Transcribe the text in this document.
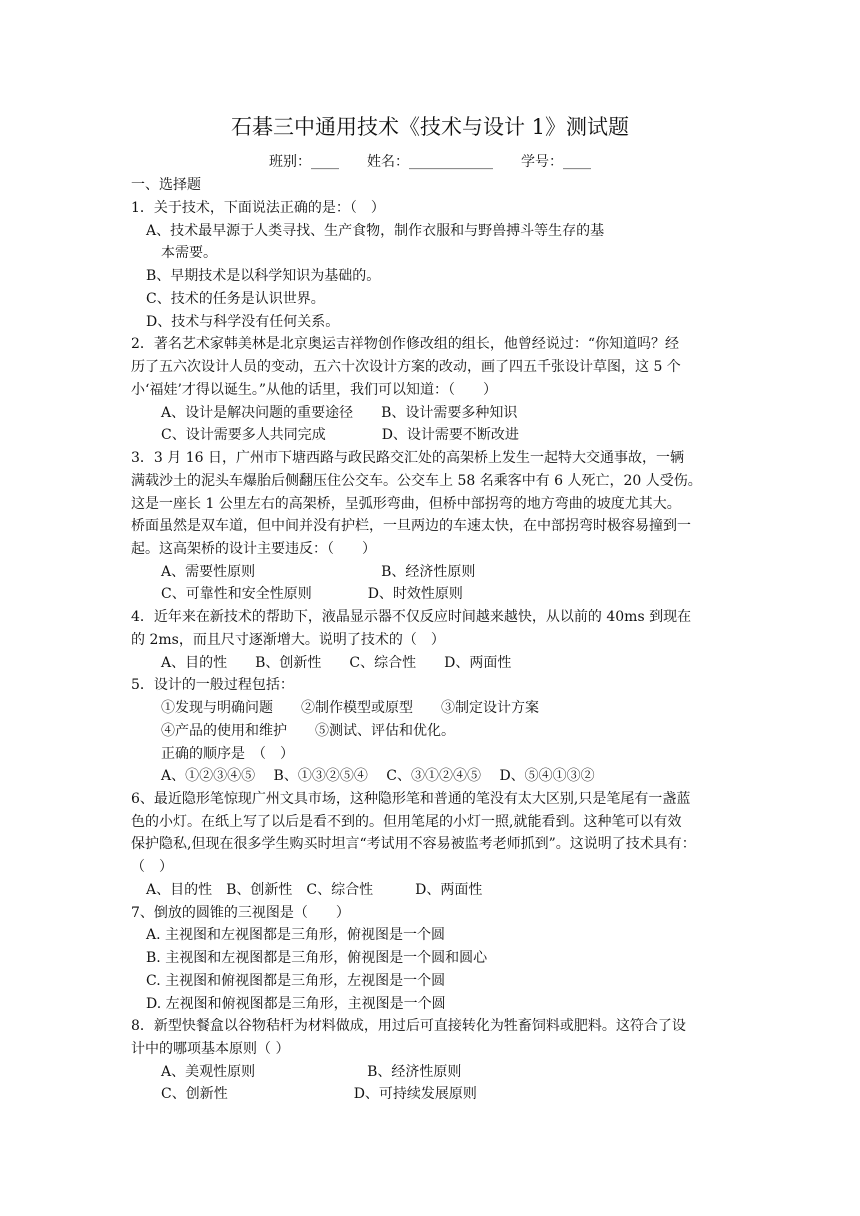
石碁三中通用技术《技术与设计 1》测试题
班别：____　　姓名：____________　　学号：____
一、选择题
1．关于技术，下面说法正确的是：（　）
A、技术最早源于人类寻找、生产食物，制作衣服和与野兽搏斗等生存的基
本需要。
B、早期技术是以科学知识为基础的。
C、技术的任务是认识世界。
D、技术与科学没有任何关系。
2．著名艺术家韩美林是北京奥运吉祥物创作修改组的组长，他曾经说过：“你知道吗？经
历了五六次设计人员的变动，五六十次设计方案的改动，画了四五千张设计草图，这 5 个
小‘福娃’才得以诞生。”从他的话里，我们可以知道：（　　）
A、设计是解决问题的重要途径　　B、设计需要多种知识
C、设计需要多人共同完成　　　　D、设计需要不断改进
3．3 月 16 日，广州市下塘西路与政民路交汇处的高架桥上发生一起特大交通事故，一辆
满载沙土的泥头车爆胎后侧翻压住公交车。公交车上 58 名乘客中有 6 人死亡，20 人受伤。
这是一座长 1 公里左右的高架桥，呈弧形弯曲，但桥中部拐弯的地方弯曲的坡度尤其大。
桥面虽然是双车道，但中间并没有护栏，一旦两边的车速太快，在中部拐弯时极容易撞到一
起。这高架桥的设计主要违反：（　　）
A、需要性原则　　　　　　　　　B、经济性原则
C、可靠性和安全性原则　　　　D、时效性原则
4．近年来在新技术的帮助下，液晶显示器不仅反应时间越来越快，从以前的 40ms 到现在
的 2ms，而且尺寸逐渐增大。说明了技术的（　）
A、目的性　　B、创新性　　C、综合性　　D、两面性
5．设计的一般过程包括：
①发现与明确问题　　②制作模型或原型　　③制定设计方案
④产品的使用和维护　　⑤测试、评估和优化。
正确的顺序是　（　）
A、①②③④⑤　 B、①③②⑤④　 C、③①②④⑤　 D、⑤④①③②
6、最近隐形笔惊现广州文具市场，这种隐形笔和普通的笔没有太大区别,只是笔尾有一盏蓝
色的小灯。在纸上写了以后是看不到的。但用笔尾的小灯一照,就能看到。这种笔可以有效
保护隐私,但现在很多学生购买时坦言“考试用不容易被监考老师抓到”。这说明了技术具有：
（　）
A、目的性　B、创新性　C、综合性　　　D、两面性
7、倒放的圆锥的三视图是（　　）
A. 主视图和左视图都是三角形，俯视图是一个圆
B. 主视图和左视图都是三角形，俯视图是一个圆和圆心
C. 主视图和俯视图都是三角形，左视图是一个圆
D. 左视图和俯视图都是三角形，主视图是一个圆
8．新型快餐盒以谷物秸杆为材料做成，用过后可直接转化为牲畜饲料或肥料。这符合了设
计中的哪项基本原则（ ）
A、美观性原则　　　　　　　　B、经济性原则
C、创新性　　　　　　　　　D、可持续发展原则
